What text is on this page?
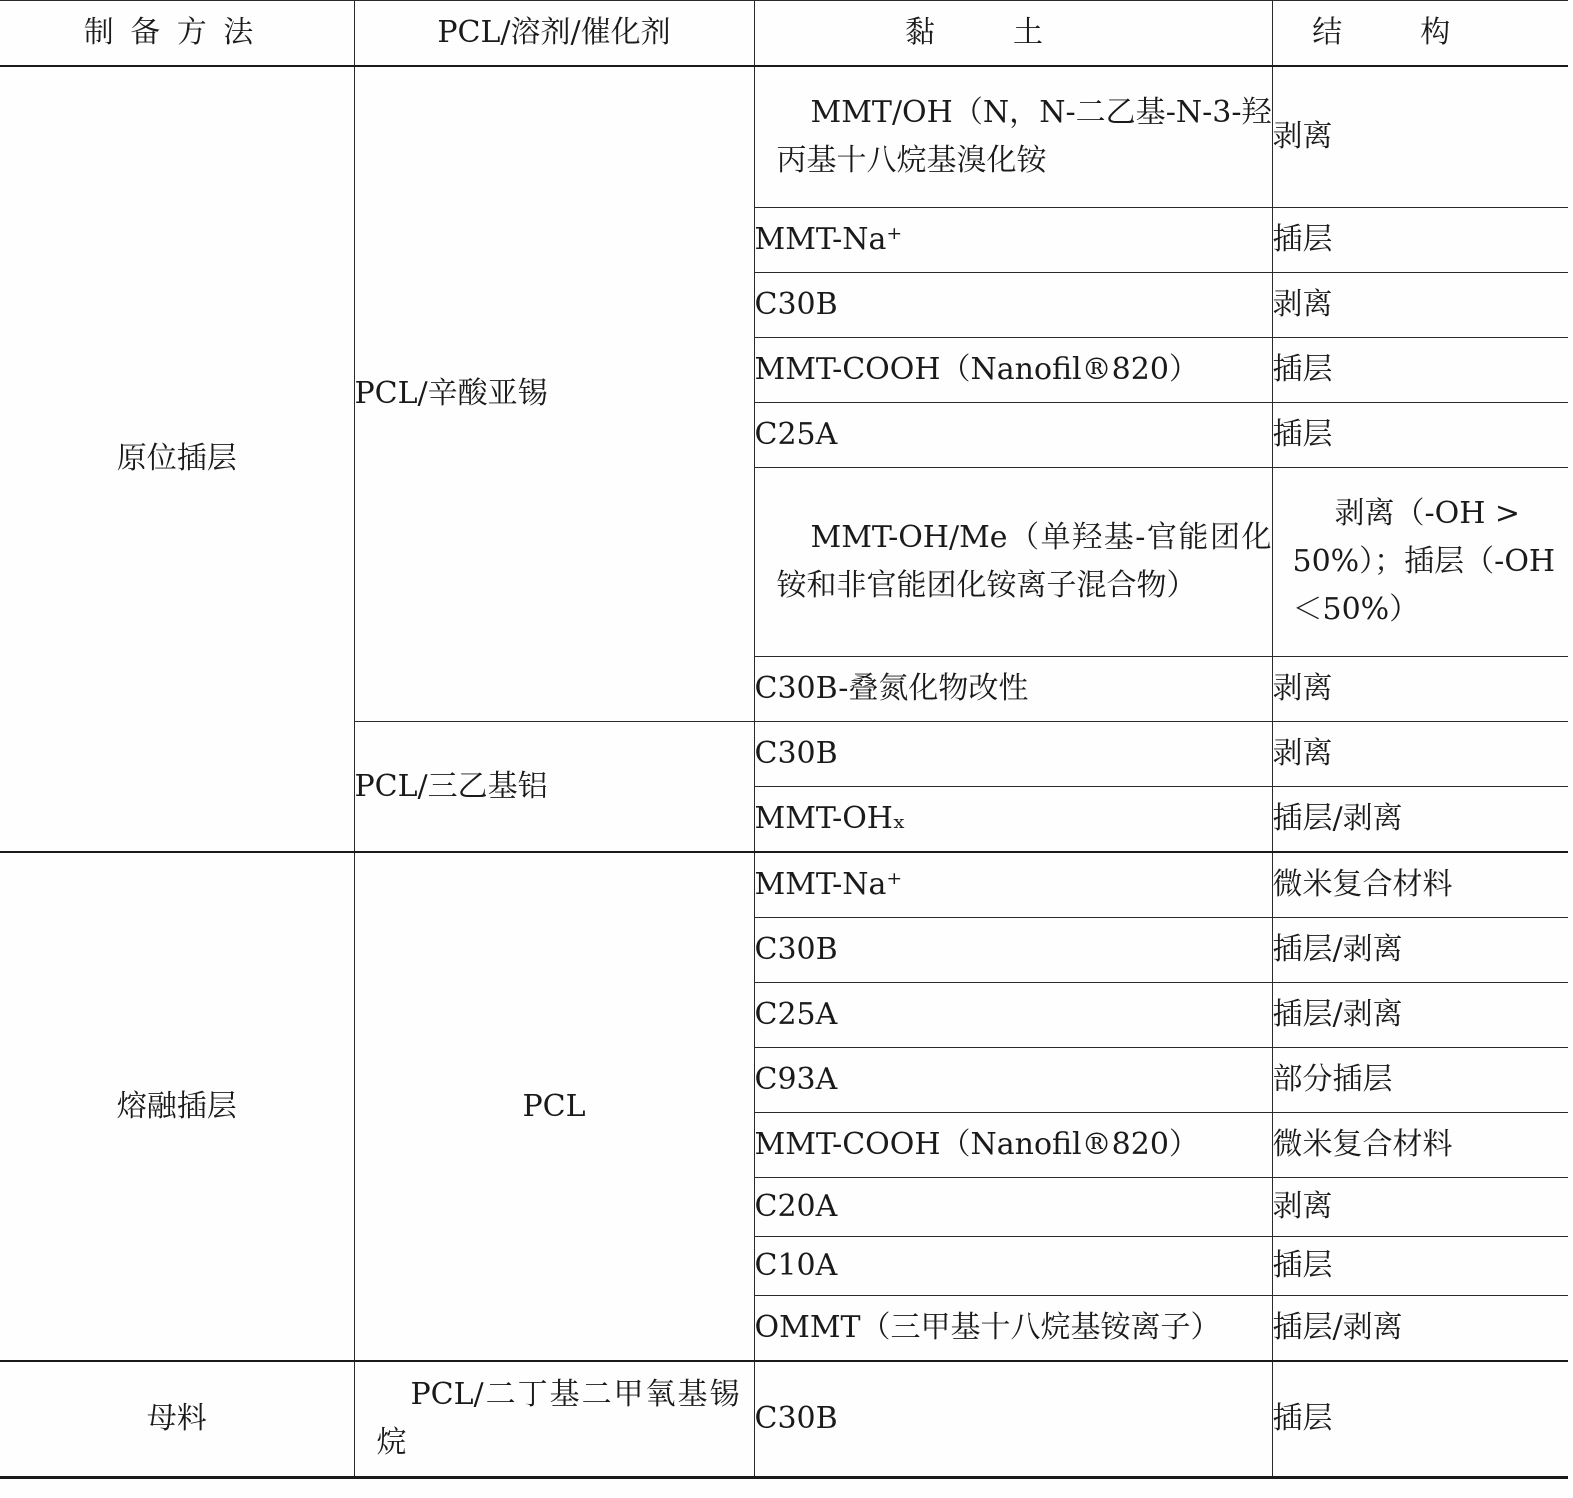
制备方法	PCL/溶剂/催化剂	黏土	结构
原位插层	PCL/辛酸亚锡	MMT/OH（N，N-二乙基-N-3-羟丙基十八烷基溴化铵	剥离
		MMT-Na⁺	插层
		C30B	剥离
		MMT-COOH（Nanofil®820）	插层
		C25A	插层
		MMT-OH/Me（单羟基-官能团化铵和非官能团化铵离子混合物）	剥离（-OH > 50%）；插层（-OH＜50%）
		C30B-叠氮化物改性	剥离
	PCL/三乙基铝	C30B	剥离
		MMT-OHₓ	插层/剥离
熔融插层	PCL	MMT-Na⁺	微米复合材料
		C30B	插层/剥离
		C25A	插层/剥离
		C93A	部分插层
		MMT-COOH（Nanofil®820）	微米复合材料
		C20A	剥离
		C10A	插层
		OMMT（三甲基十八烷基铵离子）	插层/剥离
母料	PCL/二丁基二甲氧基锡烷	C30B	插层
